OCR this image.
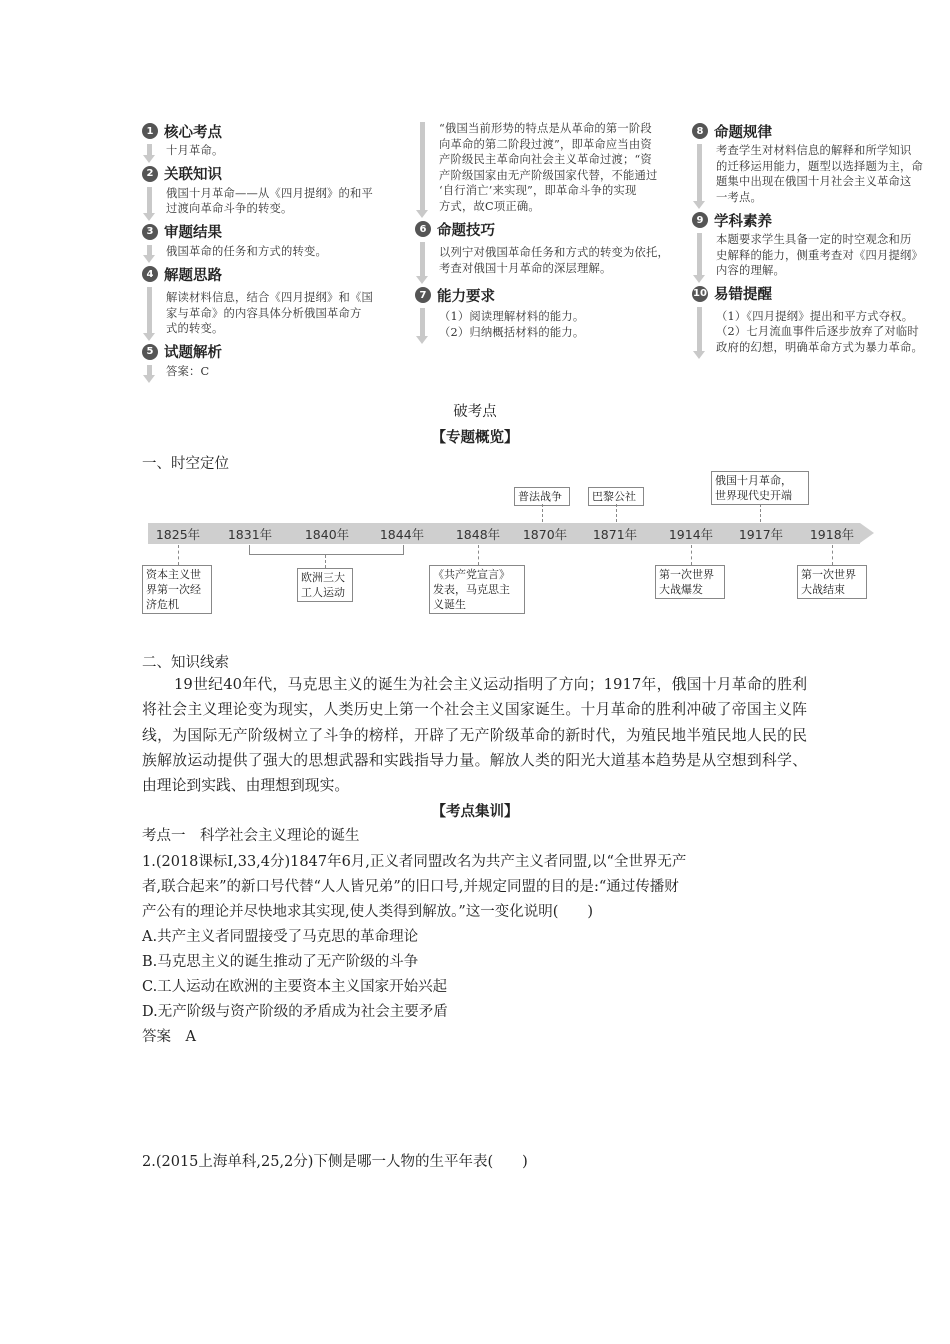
1 核心考点
十月革命。
2 关联知识
俄国十月革命——从《四月提纲》的和平
过渡向革命斗争的转变。
3 审题结果
俄国革命的任务和方式的转变。
4 解题思路
解读材料信息，结合《四月提纲》和《国
家与革命》的内容具体分析俄国革命方
式的转变。
5 试题解析
答案：C
“俄国当前形势的特点是从革命的第一阶段
向革命的第二阶段过渡”，即革命应当由资
产阶级民主革命向社会主义革命过渡；“资
产阶级国家由无产阶级国家代替，不能通过
‘自行消亡’来实现”，即革命斗争的实现
方式，故C项正确。
6 命题技巧
以列宁对俄国革命任务和方式的转变为依托，
考查对俄国十月革命的深层理解。
7 能力要求
（1）阅读理解材料的能力。
（2）归纳概括材料的能力。
8 命题规律
考查学生对材料信息的解释和所学知识
的迁移运用能力，题型以选择题为主，命
题集中出现在俄国十月社会主义革命这
一考点。
9 学科素养
本题要求学生具备一定的时空观念和历
史解释的能力，侧重考查对《四月提纲》
内容的理解。
10 易错提醒
（1）《四月提纲》提出和平方式夺权。
（2）七月流血事件后逐步放弃了对临时
政府的幻想，明确革命方式为暴力革命。
破考点
【专题概览】
一、时空定位
1825年	1831年	1840年	1844年	1848年	1870年	1871年	1914年	1917年	1918年
普法战争	巴黎公社
俄国十月革命，
世界现代史开端
资本主义世
界第一次经
济危机
欧洲三大
工人运动
《共产党宣言》
发表，马克思主
义诞生
第一次世界
大战爆发
第一次世界
大战结束
二、知识线索
19世纪40年代，马克思主义的诞生为社会主义运动指明了方向；1917年，俄国十月革命的胜利将社会主义理论变为现实，人类历史上第一个社会主义国家诞生。十月革命的胜利冲破了帝国主义阵线，为国际无产阶级树立了斗争的榜样，开辟了无产阶级革命的新时代，为殖民地半殖民地人民的民族解放运动提供了强大的思想武器和实践指导力量。解放人类的阳光大道基本趋势是从空想到科学、由理论到实践、由理想到现实。
【考点集训】
考点一　科学社会主义理论的诞生
1.(2018课标Ⅰ,33,4分)1847年6月,正义者同盟改名为共产主义者同盟,以“全世界无产
者,联合起来”的新口号代替“人人皆兄弟”的旧口号,并规定同盟的目的是:“通过传播财
产公有的理论并尽快地求其实现,使人类得到解放。”这一变化说明(　　)
A.共产主义者同盟接受了马克思的革命理论
B.马克思主义的诞生推动了无产阶级的斗争
C.工人运动在欧洲的主要资本主义国家开始兴起
D.无产阶级与资产阶级的矛盾成为社会主要矛盾
答案　A
2.(2015上海单科,25,2分)下侧是哪一人物的生平年表(　　)
